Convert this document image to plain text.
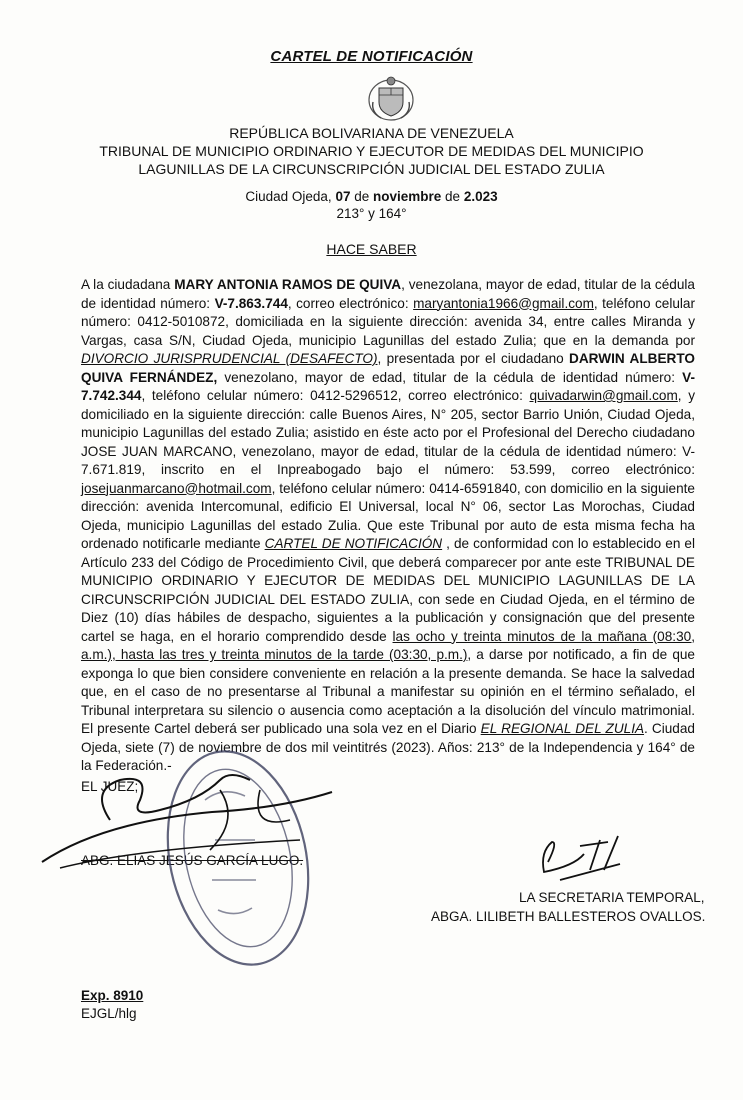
CARTEL DE NOTIFICACIÓN
REPÚBLICA BOLIVARIANA DE VENEZUELA
TRIBUNAL DE MUNICIPIO ORDINARIO Y EJECUTOR DE MEDIDAS DEL MUNICIPIO
LAGUNILLAS DE LA CIRCUNSCRIPCIÓN JUDICIAL DEL ESTADO ZULIA
Ciudad Ojeda, 07 de noviembre de 2.023
213° y 164°
HACE SABER

A la ciudadana MARY ANTONIA RAMOS DE QUIVA, venezolana, mayor de edad, titular de la cédula de identidad número: V-7.863.744, correo electrónico: maryantonia1966@gmail.com, teléfono celular número: 0412-5010872, domiciliada en la siguiente dirección: avenida 34, entre calles Miranda y Vargas, casa S/N, Ciudad Ojeda, municipio Lagunillas del estado Zulia; que en la demanda por DIVORCIO JURISPRUDENCIAL (DESAFECTO), presentada por el ciudadano DARWIN ALBERTO QUIVA FERNÁNDEZ, venezolano, mayor de edad, titular de la cédula de identidad número: V-7.742.344, teléfono celular número: 0412-5296512, correo electrónico: quivadarwin@gmail.com, y domiciliado en la siguiente dirección: calle Buenos Aires, N° 205, sector Barrio Unión, Ciudad Ojeda, municipio Lagunillas del estado Zulia; asistido en éste acto por el Profesional del Derecho ciudadano JOSE JUAN MARCANO, venezolano, mayor de edad, titular de la cédula de identidad número: V-7.671.819, inscrito en el Inpreabogado bajo el número: 53.599, correo electrónico: josejuanmarcano@hotmail.com, teléfono celular número: 0414-6591840, con domicilio en la siguiente dirección: avenida Intercomunal, edificio El Universal, local N° 06, sector Las Morochas, Ciudad Ojeda, municipio Lagunillas del estado Zulia. Que este Tribunal por auto de esta misma fecha ha ordenado notificarle mediante CARTEL DE NOTIFICACIÓN , de conformidad con lo establecido en el Artículo 233 del Código de Procedimiento Civil, que deberá comparecer por ante este TRIBUNAL DE MUNICIPIO ORDINARIO Y EJECUTOR DE MEDIDAS DEL MUNICIPIO LAGUNILLAS DE LA CIRCUNSCRIPCIÓN JUDICIAL DEL ESTADO ZULIA, con sede en Ciudad Ojeda, en el término de Diez (10) días hábiles de despacho, siguientes a la publicación y consignación que del presente cartel se haga, en el horario comprendido desde las ocho y treinta minutos de la mañana (08:30, a.m.), hasta las tres y treinta minutos de la tarde (03:30, p.m.), a darse por notificado, a fin de que exponga lo que bien considere conveniente en relación a la presente demanda. Se hace la salvedad que, en el caso de no presentarse al Tribunal a manifestar su opinión en el término señalado, el Tribunal interpretara su silencio o ausencia como aceptación a la disolución del vínculo matrimonial. El presente Cartel deberá ser publicado una sola vez en el Diario EL REGIONAL DEL ZULIA. Ciudad Ojeda, siete (7) de noviembre de dos mil veintitrés (2023). Años: 213° de la Independencia y 164° de la Federación.-

EL JUEZ;
ABG. ELIAS JESÚS GARCÍA LUGO.
LA SECRETARIA TEMPORAL,
ABGA. LILIBETH BALLESTEROS OVALLOS.
Exp. 8910
EJGL/hlg
